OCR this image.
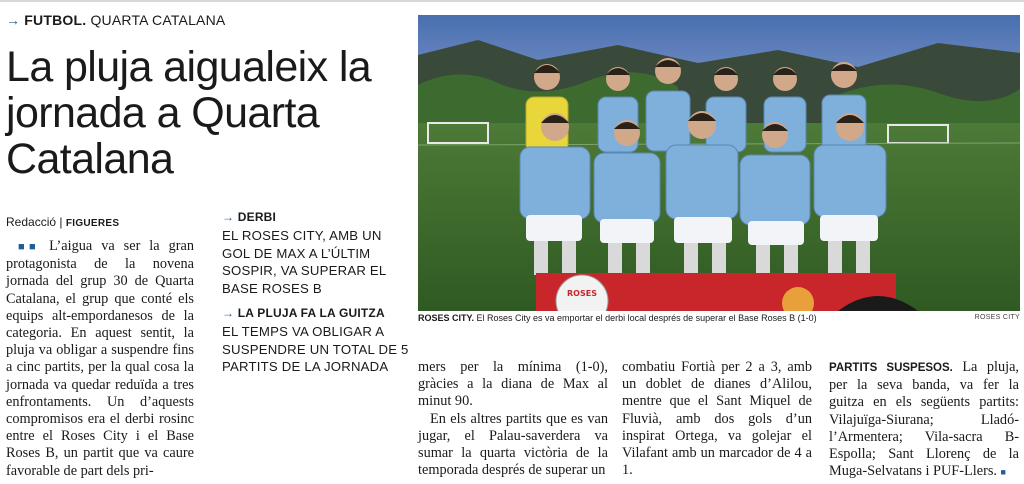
→ FUTBOL. QUARTA CATALANA
La pluja aigualeix la jornada a Quarta Catalana
Redacció | FIGUERES

■■ L’aigua va ser la gran protagonista de la novena jornada del grup 30 de Quarta Catalana, el grup que conté els equips alt-empordanesos de la categoria. En aquest sentit, la pluja va obligar a suspendre fins a cinc partits, per la qual cosa la jornada va quedar reduïda a tres enfrontaments. Un d’aquests compromisos era el derbi rosinc entre el Roses City i el Base Roses B, un partit que va caure favorable de part dels pri-

→ DERBI
EL ROSES CITY, AMB UN GOL DE MAX A L’ÚLTIM SOSPIR, VA SUPERAR EL BASE ROSES B
→ LA PLUJA FA LA GUITZA
EL TEMPS VA OBLIGAR A SUSPENDRE UN TOTAL DE 5 PARTITS DE LA JORNADA
ROSES
ROSES CITY. El Roses City es va emportar el derbi local després de superar el Base Roses B (1-0)	ROSES CITY

mers per la mínima (1-0), gràcies a la diana de Max al minut 90.

En els altres partits que es van jugar, el Palau-saverdera va sumar la quarta victòria de la temporada després de superar un

combatiu Fortià per 2 a 3, amb un doblet de dianes d’Alilou, mentre que el Sant Miquel de Fluvià, amb dos gols d’un inspirat Ortega, va golejar el Vilafant amb un marcador de 4 a 1.

PARTITS SUSPESOS. La pluja, per la seva banda, va fer la guitza en els següents partits: Vilajuïga-Siurana; Lladó-l’Armentera; Vila-sacra B-Espolla; Sant Llorenç de la Muga-Selvatans i PUF-Llers. ■
